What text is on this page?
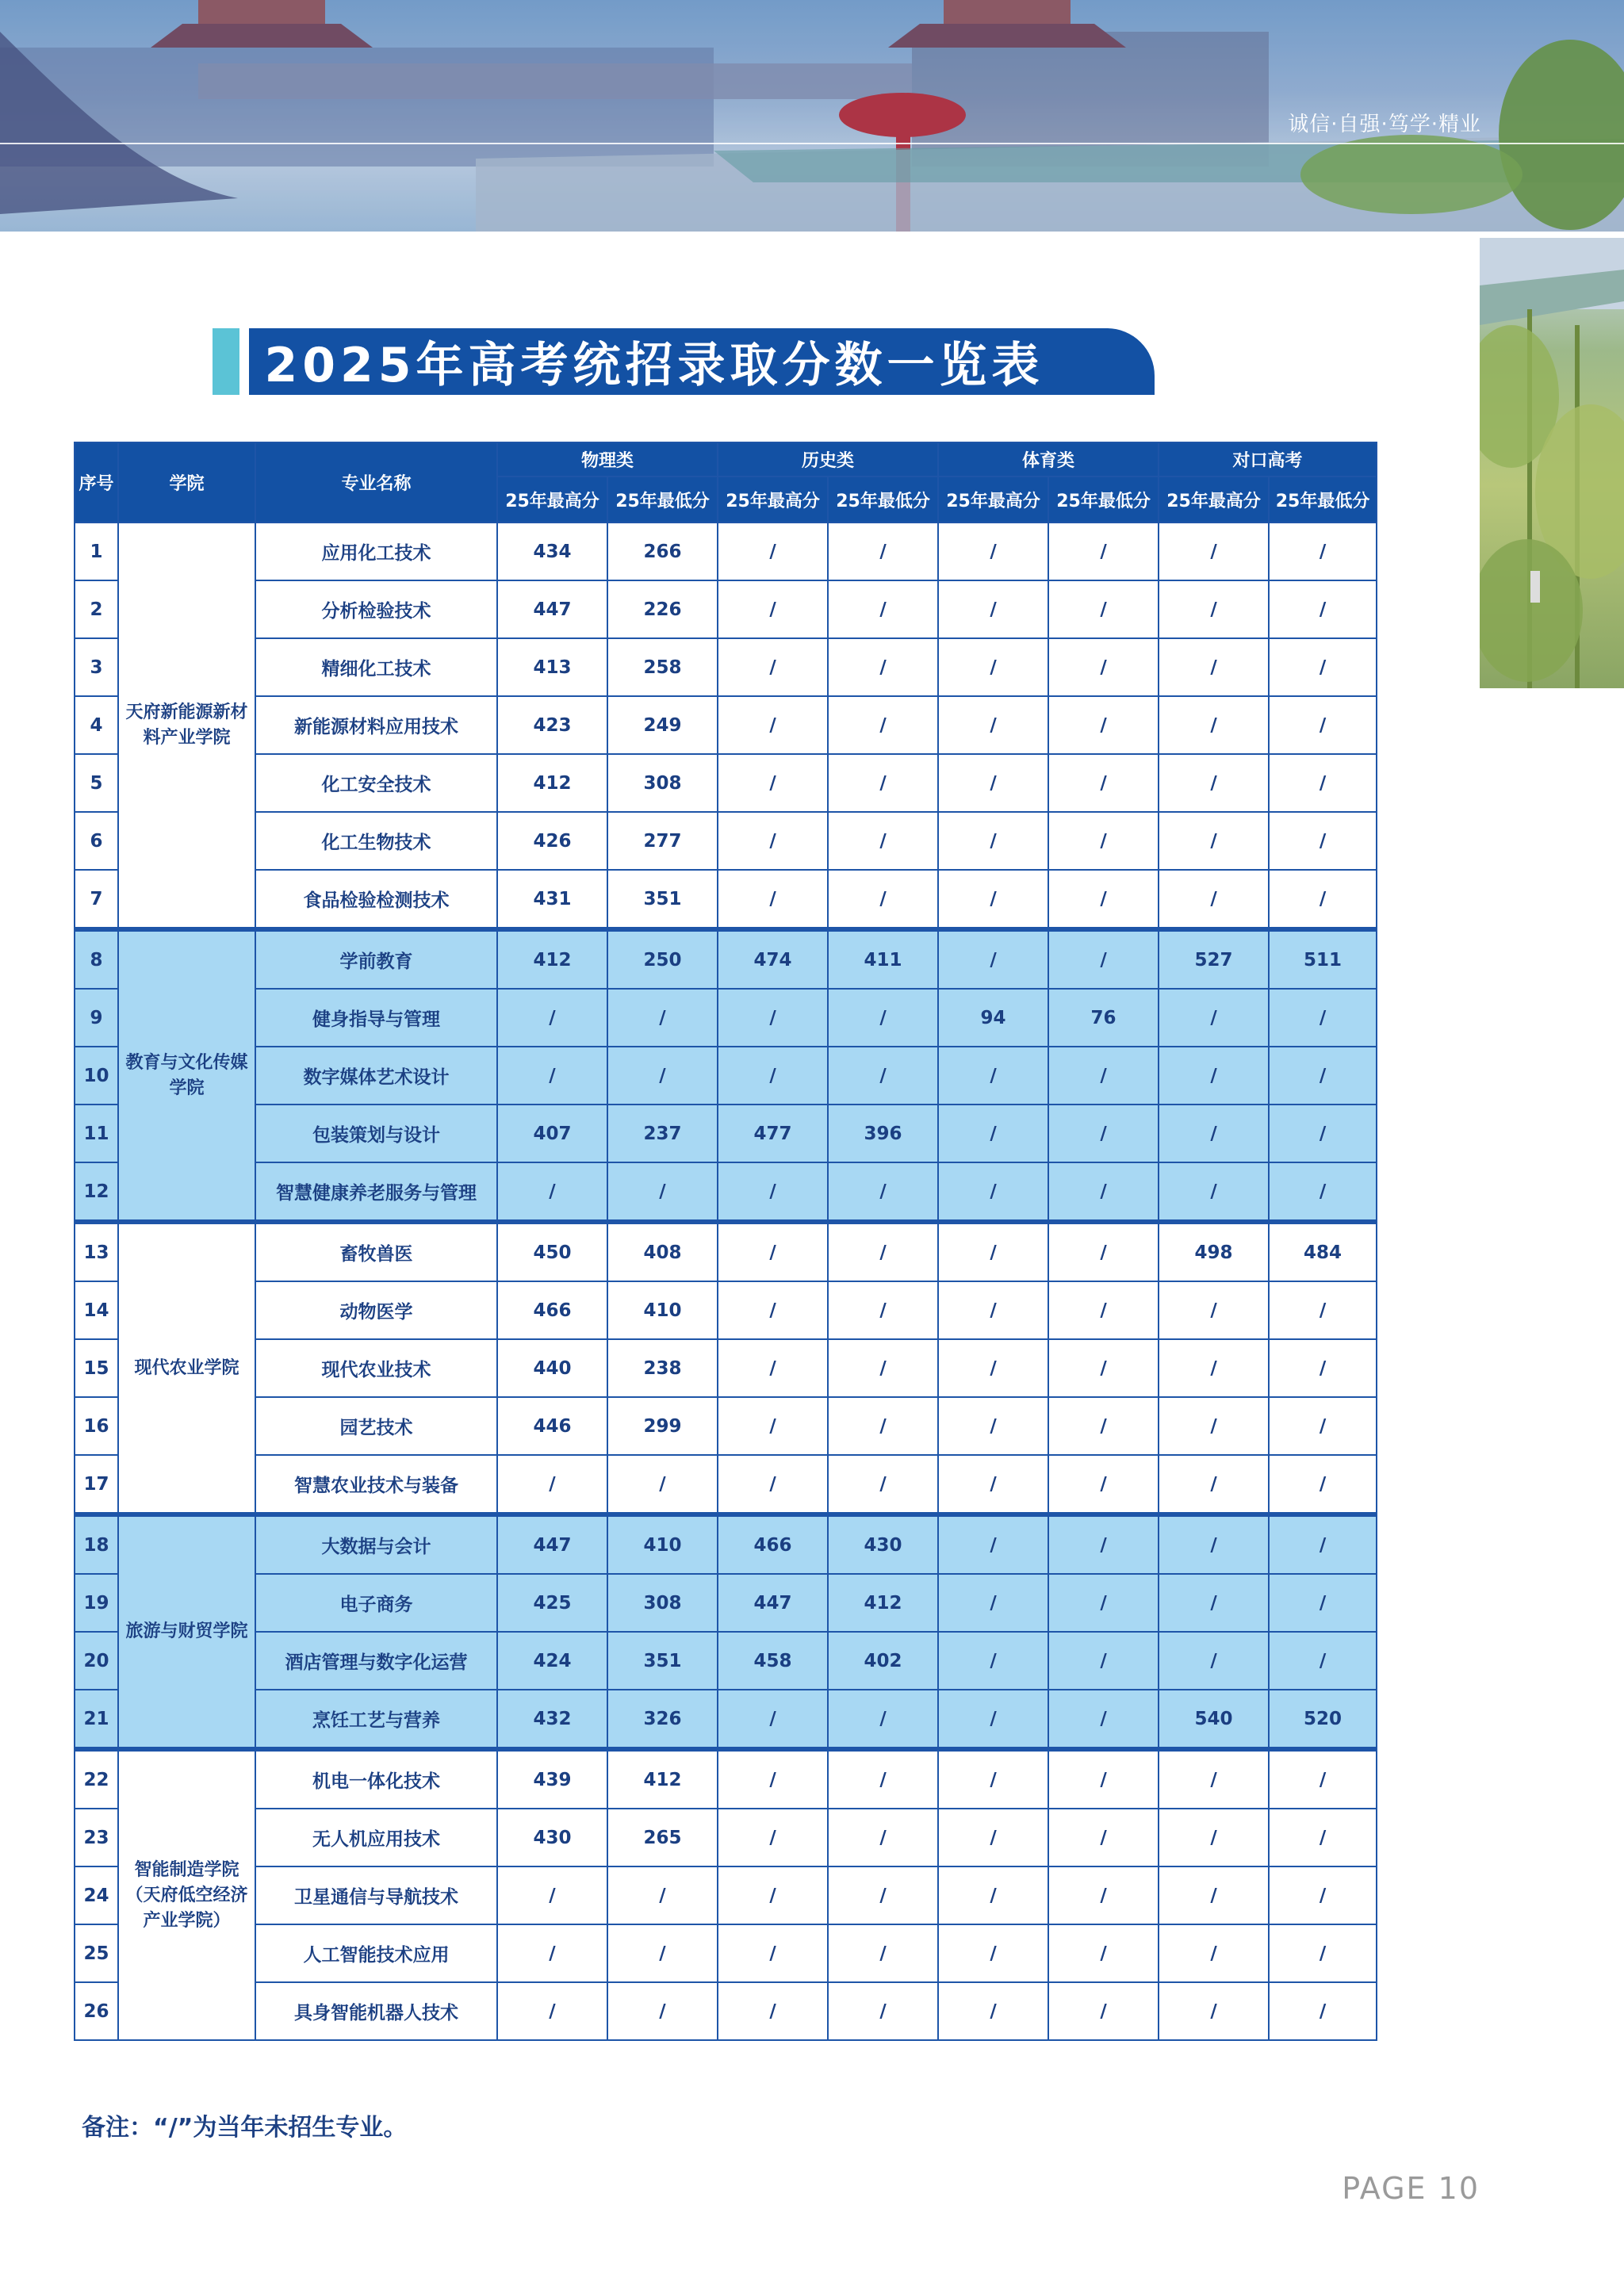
诚信·自强·笃学·精业
2025年高考统招录取分数一览表
序号	学院	专业名称	物理类		历史类		体育类		对口高考	
			25年最高分	25年最低分	25年最高分	25年最低分	25年最高分	25年最低分	25年最高分	25年最低分
1	天府新能源新材料产业学院	应用化工技术	434	266	/	/	/	/	/	/
2		分析检验技术	447	226	/	/	/	/	/	/
3		精细化工技术	413	258	/	/	/	/	/	/
4		新能源材料应用技术	423	249	/	/	/	/	/	/
5		化工安全技术	412	308	/	/	/	/	/	/
6		化工生物技术	426	277	/	/	/	/	/	/
7		食品检验检测技术	431	351	/	/	/	/	/	/
8	教育与文化传媒学院	学前教育	412	250	474	411	/	/	527	511
9		健身指导与管理	/	/	/	/	94	76	/	/
10		数字媒体艺术设计	/	/	/	/	/	/	/	/
11		包装策划与设计	407	237	477	396	/	/	/	/
12		智慧健康养老服务与管理	/	/	/	/	/	/	/	/
13	现代农业学院	畜牧兽医	450	408	/	/	/	/	498	484
14		动物医学	466	410	/	/	/	/	/	/
15		现代农业技术	440	238	/	/	/	/	/	/
16		园艺技术	446	299	/	/	/	/	/	/
17		智慧农业技术与装备	/	/	/	/	/	/	/	/
18	旅游与财贸学院	大数据与会计	447	410	466	430	/	/	/	/
19		电子商务	425	308	447	412	/	/	/	/
20		酒店管理与数字化运营	424	351	458	402	/	/	/	/
21		烹饪工艺与营养	432	326	/	/	/	/	540	520
22	智能制造学院（天府低空经济产业学院）	机电一体化技术	439	412	/	/	/	/	/	/
23		无人机应用技术	430	265	/	/	/	/	/	/
24		卫星通信与导航技术	/	/	/	/	/	/	/	/
25		人工智能技术应用	/	/	/	/	/	/	/	/
26		具身智能机器人技术	/	/	/	/	/	/	/	/
备注：“/”为当年未招生专业。
PAGE 10
